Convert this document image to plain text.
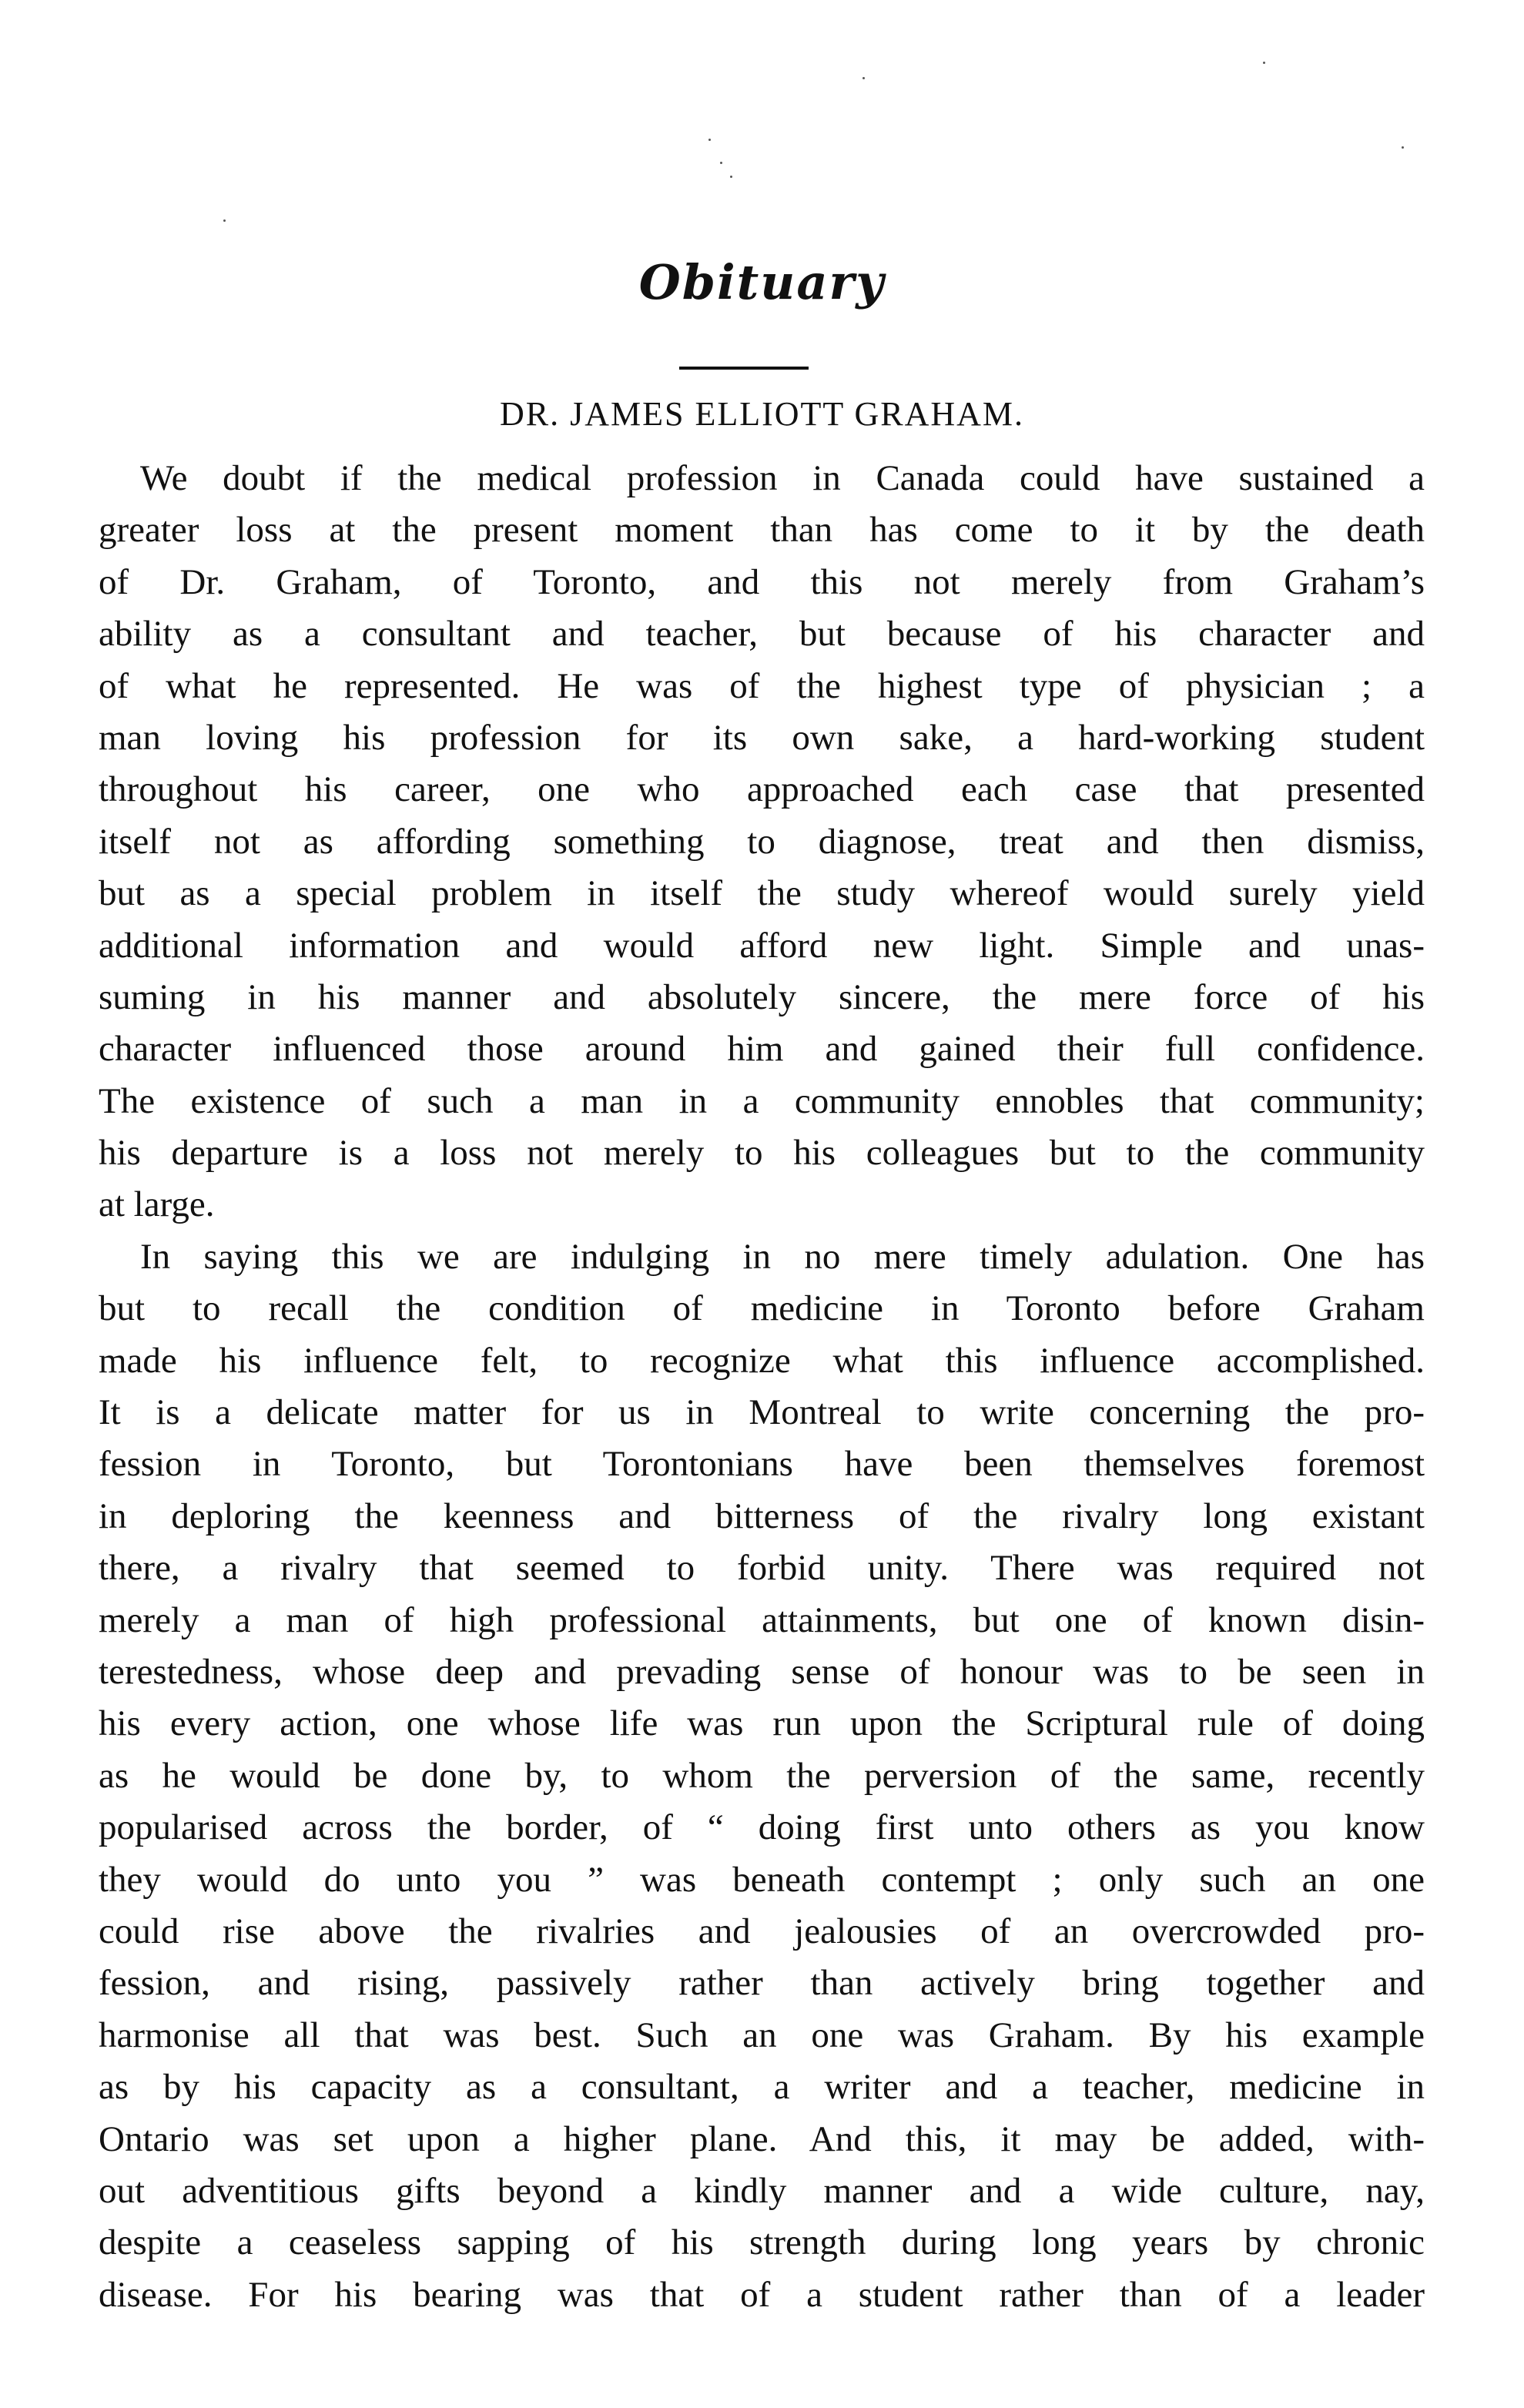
Obituary
DR. JAMES ELLIOTT GRAHAM.
We doubt if the medical profession in Canada could have sustained a
greater loss at the present moment than has come to it by the death
of Dr. Graham, of Toronto, and this not merely from Graham’s
ability as a consultant and teacher, but because of his character and
of what he represented. He was of the highest type of physician ; a
man loving his profession for its own sake, a hard-working student
throughout his career, one who approached each case that presented
itself not as affording something to diagnose, treat and then dismiss,
but as a special problem in itself the study whereof would surely yield
additional information and would afford new light. Simple and unas-
suming in his manner and absolutely sincere, the mere force of his
character influenced those around him and gained their full confidence.
The existence of such a man in a community ennobles that community;
his departure is a loss not merely to his colleagues but to the community
at large.
In saying this we are indulging in no mere timely adulation. One has
but to recall the condition of medicine in Toronto before Graham
made his influence felt, to recognize what this influence accomplished.
It is a delicate matter for us in Montreal to write concerning the pro-
fession in Toronto, but Torontonians have been themselves foremost
in deploring the keenness and bitterness of the rivalry long existant
there, a rivalry that seemed to forbid unity. There was required not
merely a man of high professional attainments, but one of known disin-
terestedness, whose deep and prevading sense of honour was to be seen in
his every action, one whose life was run upon the Scriptural rule of doing
as he would be done by, to whom the perversion of the same, recently
popularised across the border, of “ doing first unto others as you know
they would do unto you ” was beneath contempt ; only such an one
could rise above the rivalries and jealousies of an overcrowded pro-
fession, and rising, passively rather than actively bring together and
harmonise all that was best. Such an one was Graham. By his example
as by his capacity as a consultant, a writer and a teacher, medicine in
Ontario was set upon a higher plane. And this, it may be added, with-
out adventitious gifts beyond a kindly manner and a wide culture, nay,
despite a ceaseless sapping of his strength during long years by chronic
disease. For his bearing was that of a student rather than of a leader
